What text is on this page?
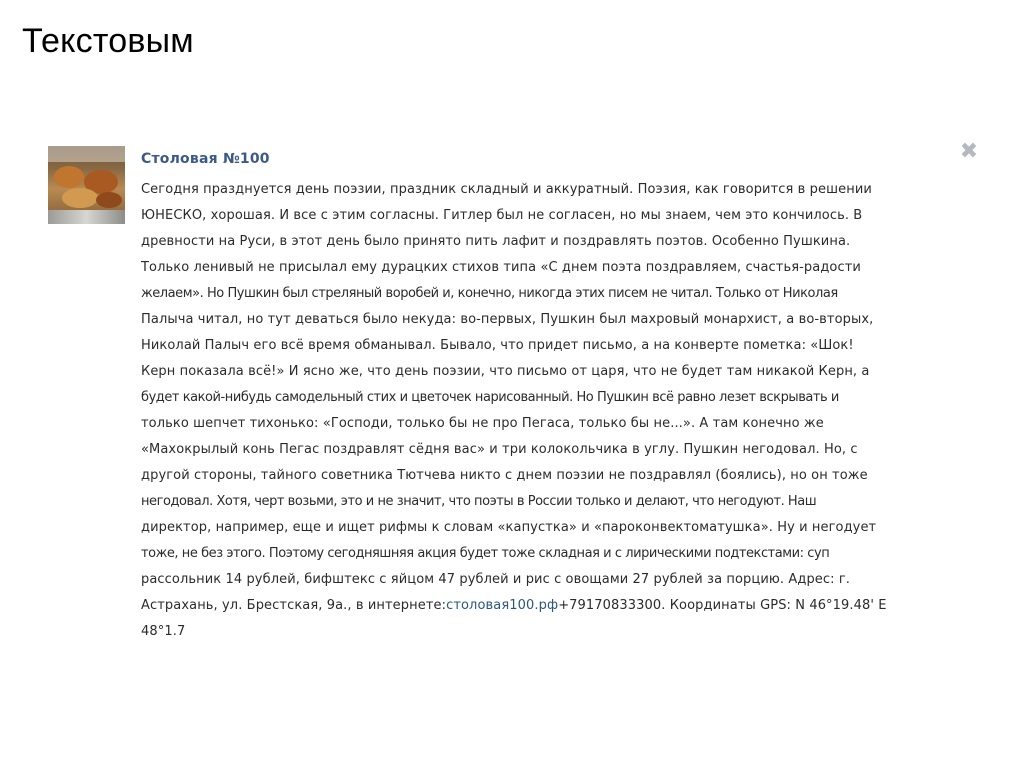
Текстовым
Столовая №100	✖
Сегодня празднуется день поэзии, праздник складный и аккуратный. Поэзия, как говорится в решении
ЮНЕСКО, хорошая. И все с этим согласны. Гитлер был не согласен, но мы знаем, чем это кончилось. В
древности на Руси, в этот день было принято пить лафит и поздравлять поэтов. Особенно Пушкина.
Только ленивый не присылал ему дурацких стихов типа «С днем поэта поздравляем, счастья-радости
желаем». Но Пушкин был стреляный воробей и, конечно, никогда этих писем не читал. Только от Николая
Палыча читал, но тут деваться было некуда: во-первых, Пушкин был махровый монархист, а во-вторых,
Николай Палыч его всё время обманывал. Бывало, что придет письмо, а на конверте пометка: «Шок!
Керн показала всё!» И ясно же, что день поэзии, что письмо от царя, что не будет там никакой Керн, а
будет какой-нибудь самодельный стих и цветочек нарисованный. Но Пушкин всё равно лезет вскрывать и
только шепчет тихонько: «Господи, только бы не про Пегаса, только бы не...». А там конечно же
«Махокрылый конь Пегас поздравлят сёдня вас» и три колокольчика в углу. Пушкин негодовал. Но, с
другой стороны, тайного советника Тютчева никто с днем поэзии не поздравлял (боялись), но он тоже
негодовал. Хотя, черт возьми, это и не значит, что поэты в России только и делают, что негодуют. Наш
директор, например, еще и ищет рифмы к словам «капустка» и «пароконвектоматушка». Ну и негодует
тоже, не без этого. Поэтому сегодняшняя акция будет тоже складная и с лирическими подтекстами: суп
рассольник 14 рублей, бифштекс с яйцом 47 рублей и рис с овощами 27 рублей за порцию. Адрес: г.
Астрахань, ул. Брестская, 9а., в интернете:столовая100.рф+79170833300. Координаты GPS: N 46°19.48' E
48°1.7
